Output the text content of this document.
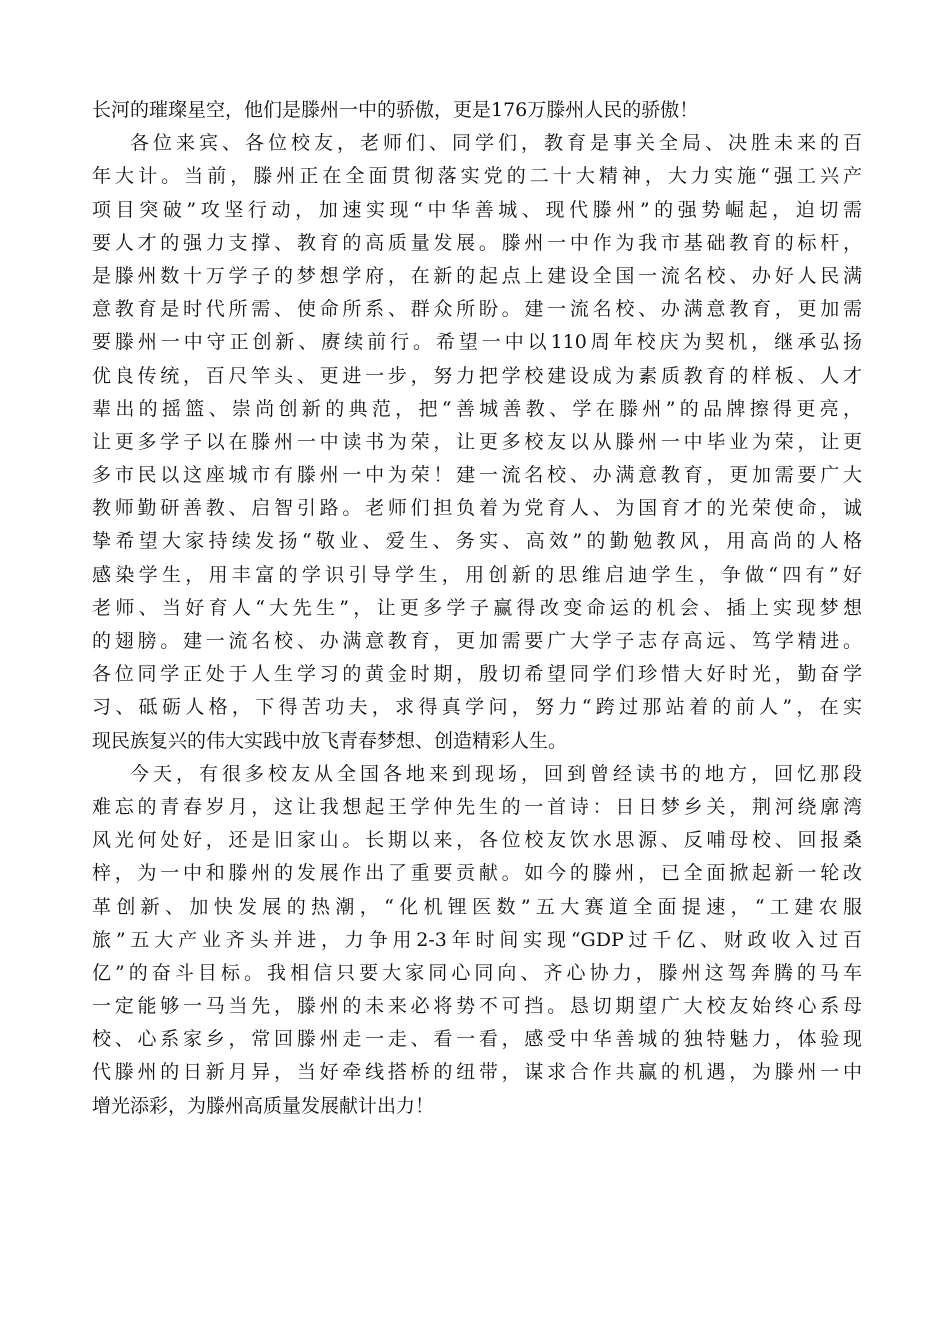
长河的璀璨星空，他们是滕州一中的骄傲，更是176万滕州人民的骄傲！
各位来宾、各位校友，老师们、同学们，教育是事关全局、决胜未来的百
年大计。当前，滕州正在全面贯彻落实党的二十大精神，大力实施“强工兴产
项目突破”攻坚行动，加速实现“中华善城、现代滕州”的强势崛起，迫切需
要人才的强力支撑、教育的高质量发展。滕州一中作为我市基础教育的标杆，
是滕州数十万学子的梦想学府，在新的起点上建设全国一流名校、办好人民满
意教育是时代所需、使命所系、群众所盼。建一流名校、办满意教育，更加需
要滕州一中守正创新、赓续前行。希望一中以110周年校庆为契机，继承弘扬
优良传统，百尺竿头、更进一步，努力把学校建设成为素质教育的样板、人才
辈出的摇篮、崇尚创新的典范，把“善城善教、学在滕州”的品牌擦得更亮，
让更多学子以在滕州一中读书为荣，让更多校友以从滕州一中毕业为荣，让更
多市民以这座城市有滕州一中为荣！建一流名校、办满意教育，更加需要广大
教师勤研善教、启智引路。老师们担负着为党育人、为国育才的光荣使命，诚
挚希望大家持续发扬“敬业、爱生、务实、高效”的勤勉教风，用高尚的人格
感染学生，用丰富的学识引导学生，用创新的思维启迪学生，争做“四有”好
老师、当好育人“大先生”，让更多学子赢得改变命运的机会、插上实现梦想
的翅膀。建一流名校、办满意教育，更加需要广大学子志存高远、笃学精进。
各位同学正处于人生学习的黄金时期，殷切希望同学们珍惜大好时光，勤奋学
习、砥砺人格，下得苦功夫，求得真学问，努力“跨过那站着的前人”，在实
现民族复兴的伟大实践中放飞青春梦想、创造精彩人生。
今天，有很多校友从全国各地来到现场，回到曾经读书的地方，回忆那段
难忘的青春岁月，这让我想起王学仲先生的一首诗：日日梦乡关，荆河绕廓湾
风光何处好，还是旧家山。长期以来，各位校友饮水思源、反哺母校、回报桑
梓，为一中和滕州的发展作出了重要贡献。如今的滕州，已全面掀起新一轮改
革创新、加快发展的热潮，“化机锂医数”五大赛道全面提速，“工建农服
旅”五大产业齐头并进，力争用2-3年时间实现“GDP过千亿、财政收入过百
亿”的奋斗目标。我相信只要大家同心同向、齐心协力，滕州这驾奔腾的马车
一定能够一马当先，滕州的未来必将势不可挡。恳切期望广大校友始终心系母
校、心系家乡，常回滕州走一走、看一看，感受中华善城的独特魅力，体验现
代滕州的日新月异，当好牵线搭桥的纽带，谋求合作共赢的机遇，为滕州一中
增光添彩，为滕州高质量发展献计出力！
